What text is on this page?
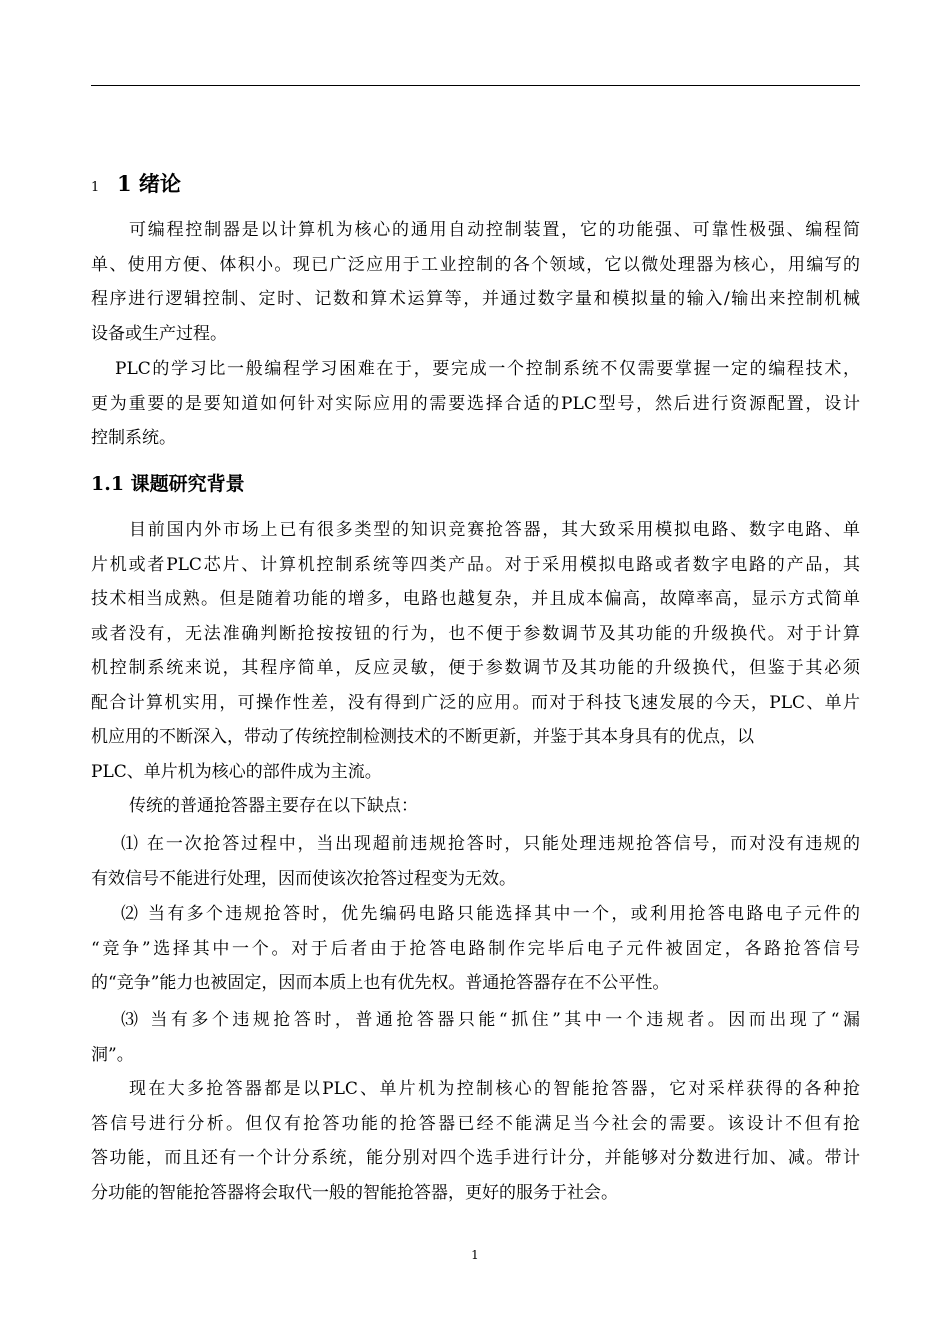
1 1 绪论
可编程控制器是以计算机为核心的通用自动控制装置，它的功能强、可靠性极强、编程简
单、使用方便、体积小。现已广泛应用于工业控制的各个领域，它以微处理器为核心，用编写的
程序进行逻辑控制、定时、记数和算术运算等，并通过数字量和模拟量的输入/输出来控制机械
设备或生产过程。
PLC的学习比一般编程学习困难在于，要完成一个控制系统不仅需要掌握一定的编程技术，
更为重要的是要知道如何针对实际应用的需要选择合适的PLC型号，然后进行资源配置，设计
控制系统。
1.1 课题研究背景
目前国内外市场上已有很多类型的知识竞赛抢答器，其大致采用模拟电路、数字电路、单
片机或者PLC芯片、计算机控制系统等四类产品。对于采用模拟电路或者数字电路的产品，其
技术相当成熟。但是随着功能的增多，电路也越复杂，并且成本偏高，故障率高，显示方式简单
或者没有，无法准确判断抢按按钮的行为，也不便于参数调节及其功能的升级换代。对于计算
机控制系统来说，其程序简单，反应灵敏，便于参数调节及其功能的升级换代，但鉴于其必须
配合计算机实用，可操作性差，没有得到广泛的应用。而对于科技飞速发展的今天，PLC、单片
机应用的不断深入，带动了传统控制检测技术的不断更新，并鉴于其本身具有的优点，以
PLC、单片机为核心的部件成为主流。
传统的普通抢答器主要存在以下缺点：
⑴ 在一次抢答过程中，当出现超前违规抢答时，只能处理违规抢答信号，而对没有违规的
有效信号不能进行处理，因而使该次抢答过程变为无效。
⑵ 当有多个违规抢答时，优先编码电路只能选择其中一个，或利用抢答电路电子元件的
“竞争”选择其中一个。对于后者由于抢答电路制作完毕后电子元件被固定，各路抢答信号
的“竞争”能力也被固定，因而本质上也有优先权。普通抢答器存在不公平性。
⑶ 当有多个违规抢答时，普通抢答器只能“抓住”其中一个违规者。因而出现了“漏
洞”。
现在大多抢答器都是以PLC、单片机为控制核心的智能抢答器，它对采样获得的各种抢
答信号进行分析。但仅有抢答功能的抢答器已经不能满足当今社会的需要。该设计不但有抢
答功能，而且还有一个计分系统，能分别对四个选手进行计分，并能够对分数进行加、减。带计
分功能的智能抢答器将会取代一般的智能抢答器，更好的服务于社会。
1
